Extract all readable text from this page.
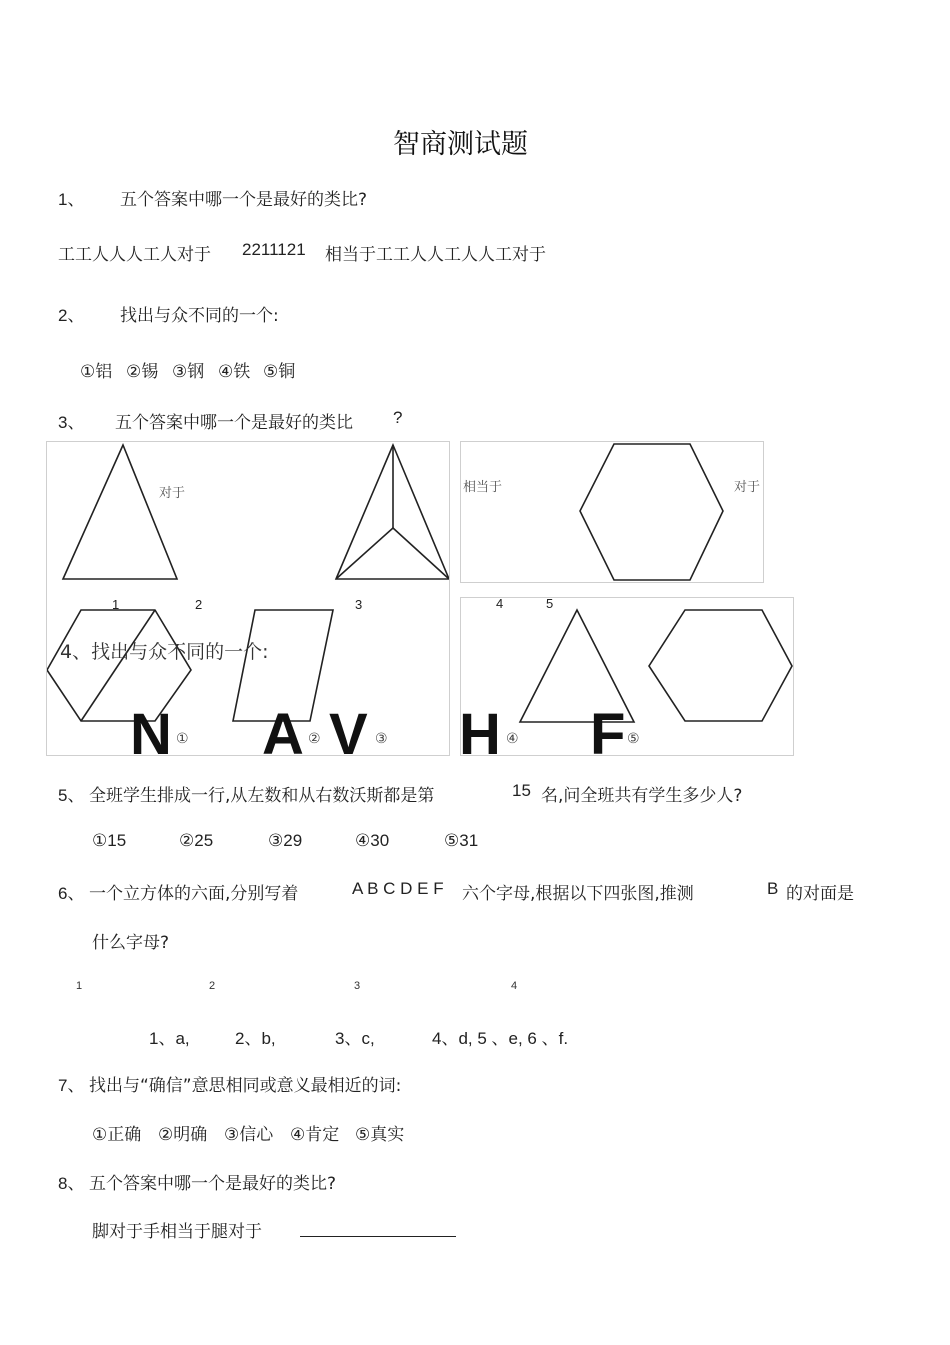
智商测试题
1、 五个答案中哪一个是最好的类比?
工工人人人工人对于 2211121 相当于工工人人工人人工对于
2、 找出与众不同的一个:
①铝 ②锡 ③钢 ④铁 ⑤铜
3、 五个答案中哪一个是最好的类比 ?
对于
1	2	3
相当于	对于
4	5
4、找出与众不同的一个:
N ① A ② V ③ H ④ F ⑤
5、 全班学生排成一行,从左数和从右数沃斯都是第	15 名,问全班共有学生多少人?
①15	②25	③29	④30	⑤31
6、 一个立方体的六面,分别写着	A B C D E F 六个字母,根据以下四张图,推测	B 的对面是
什么字母?
1	2	3	4
1、a,	2、b,	3、c,	4、d, 5 、e, 6 、f.
7、 找出与“确信”意思相同或意义最相近的词:
①正确 ②明确 ③信心 ④肯定 ⑤真实
8、 五个答案中哪一个是最好的类比?
脚对于手相当于腿对于
